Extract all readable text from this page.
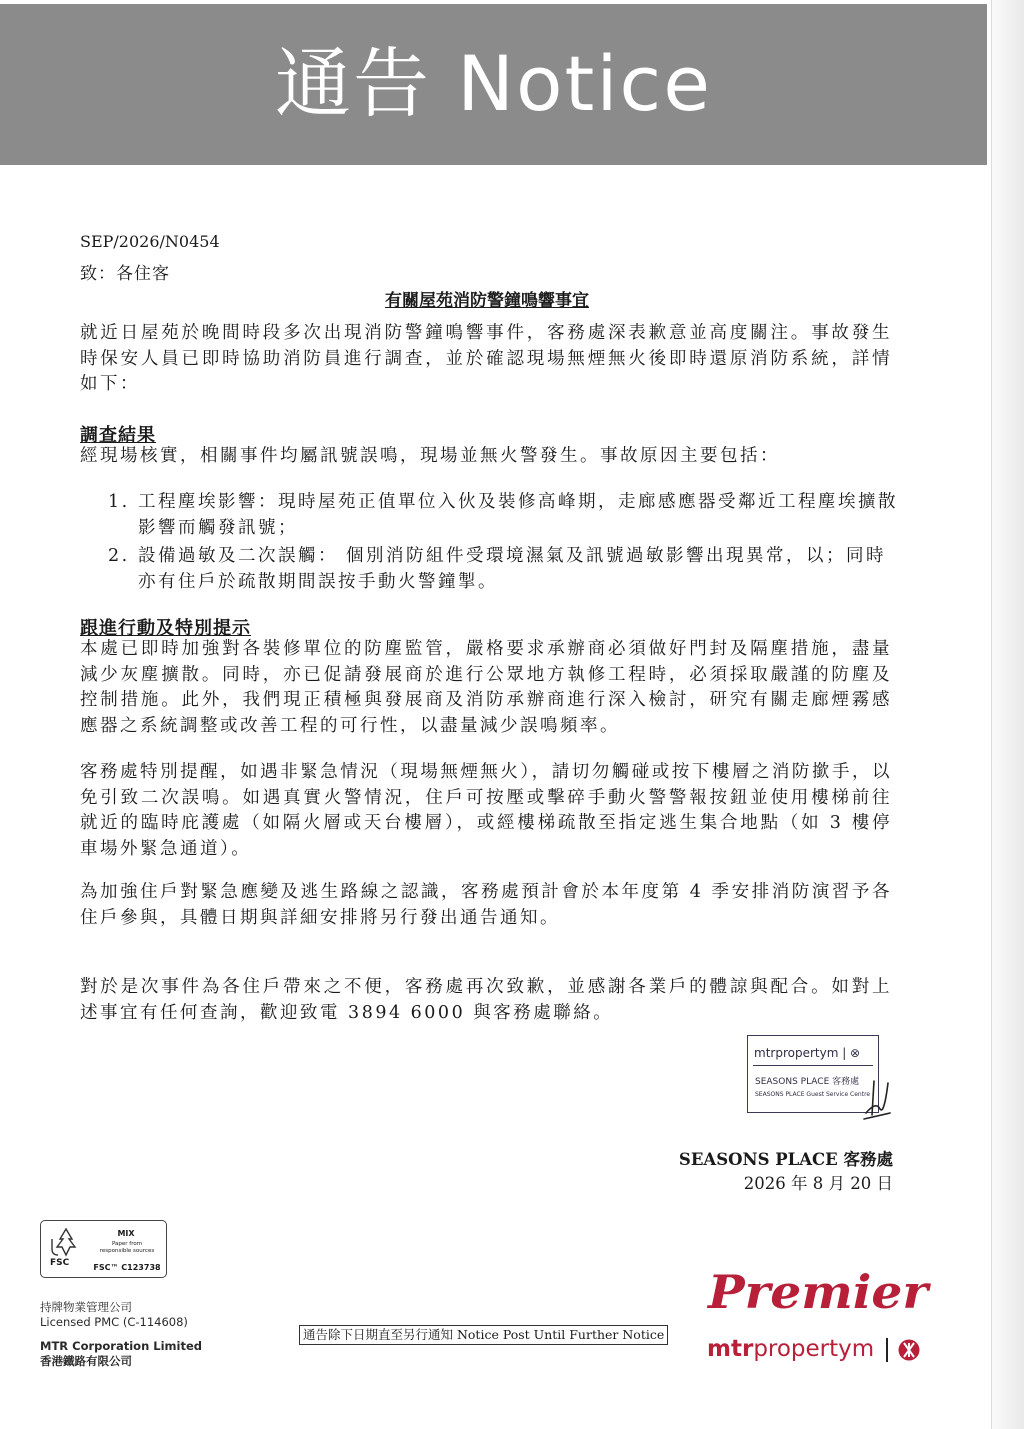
通告 Notice
SEP/2026/N0454
致：各住客
有關屋苑消防警鐘鳴響事宜

就近日屋苑於晚間時段多次出現消防警鐘鳴響事件，客務處深表歉意並高度關注。事故發生時保安人員已即時協助消防員進行調查，並於確認現場無煙無火後即時還原消防系統，詳情如下：

調查結果

經現場核實，相關事件均屬訊號誤鳴，現場並無火警發生。事故原因主要包括：

1. 工程塵埃影響：現時屋苑正值單位入伙及裝修高峰期，走廊感應器受鄰近工程塵埃擴散影響而觸發訊號；
2. 設備過敏及二次誤觸： 個別消防組件受環境濕氣及訊號過敏影響出現異常，以；同時亦有住戶於疏散期間誤按手動火警鐘掣。
跟進行動及特別提示

本處已即時加強對各裝修單位的防塵監管，嚴格要求承辦商必須做好門封及隔塵措施，盡量減少灰塵擴散。同時，亦已促請發展商於進行公眾地方執修工程時，必須採取嚴謹的防塵及控制措施。此外，我們現正積極與發展商及消防承辦商進行深入檢討，研究有關走廊煙霧感應器之系統調整或改善工程的可行性，以盡量減少誤鳴頻率。

客務處特別提醒，如遇非緊急情況（現場無煙無火），請切勿觸碰或按下樓層之消防撳手，以免引致二次誤鳴。如遇真實火警情況，住戶可按壓或擊碎手動火警警報按鈕並使用樓梯前往就近的臨時庇護處（如隔火層或天台樓層），或經樓梯疏散至指定逃生集合地點（如 3 樓停車場外緊急通道）。

為加強住戶對緊急應變及逃生路線之認識，客務處預計會於本年度第 4 季安排消防演習予各住戶參與，具體日期與詳細安排將另行發出通告通知。

對於是次事件為各住戶帶來之不便，客務處再次致歉，並感謝各業戶的體諒與配合。如對上述事宜有任何查詢，歡迎致電 3894 6000 與客務處聯絡。

mtrpropertym | ⊗
SEASONS PLACE 客務處
SEASONS PLACE Guest Service Centre
SEASONS PLACE 客務處
2026 年 8 月 20 日
FSC
MIX
Paper from
responsible sources
FSC™ C123738
持牌物業管理公司
Licensed PMC (C-114608)
MTR Corporation Limited
香港鐵路有限公司
通告除下日期直至另行通知 Notice Post Until Further Notice
Premier
mtrpropertym
